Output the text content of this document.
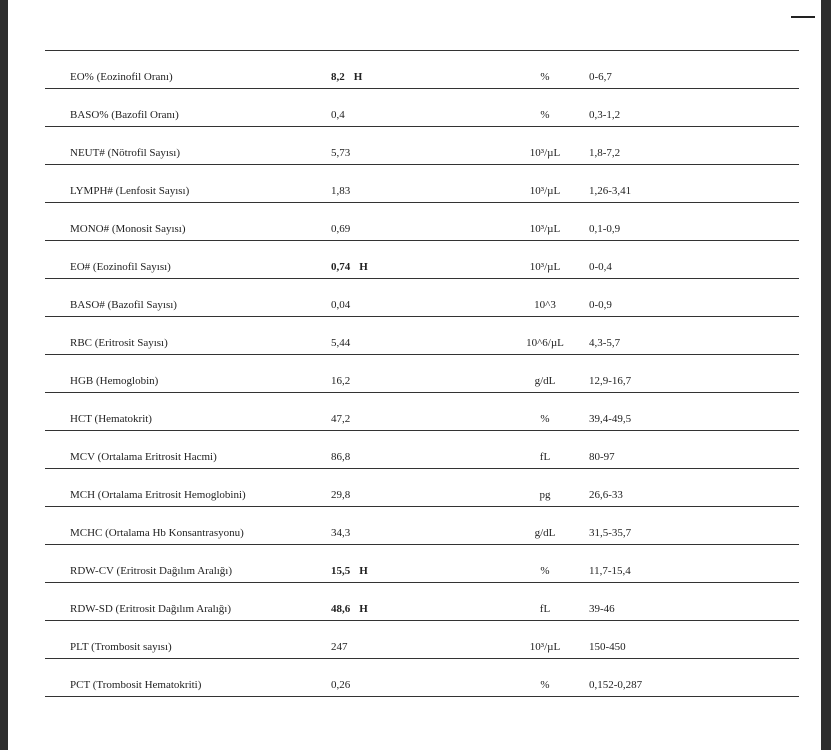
EO% (Eozinofil Oranı)	8,2 H	%	0-6,7
BASO% (Bazofil Oranı)	0,4	%	0,3-1,2
NEUT# (Nötrofil Sayısı)	5,73	10³/µL	1,8-7,2
LYMPH# (Lenfosit Sayısı)	1,83	10³/µL	1,26-3,41
MONO# (Monosit Sayısı)	0,69	10³/µL	0,1-0,9
EO# (Eozinofil Sayısı)	0,74 H	10³/µL	0-0,4
BASO# (Bazofil Sayısı)	0,04	10^3	0-0,9
RBC (Eritrosit Sayısı)	5,44	10^6/µL	4,3-5,7
HGB (Hemoglobin)	16,2	g/dL	12,9-16,7
HCT (Hematokrit)	47,2	%	39,4-49,5
MCV (Ortalama Eritrosit Hacmi)	86,8	fL	80-97
MCH (Ortalama Eritrosit Hemoglobini)	29,8	pg	26,6-33
MCHC (Ortalama Hb Konsantrasyonu)	34,3	g/dL	31,5-35,7
RDW-CV (Eritrosit Dağılım Aralığı)	15,5 H	%	11,7-15,4
RDW-SD (Eritrosit Dağılım Aralığı)	48,6 H	fL	39-46
PLT (Trombosit sayısı)	247	10³/µL	150-450
PCT (Trombosit Hematokriti)	0,26	%	0,152-0,287
